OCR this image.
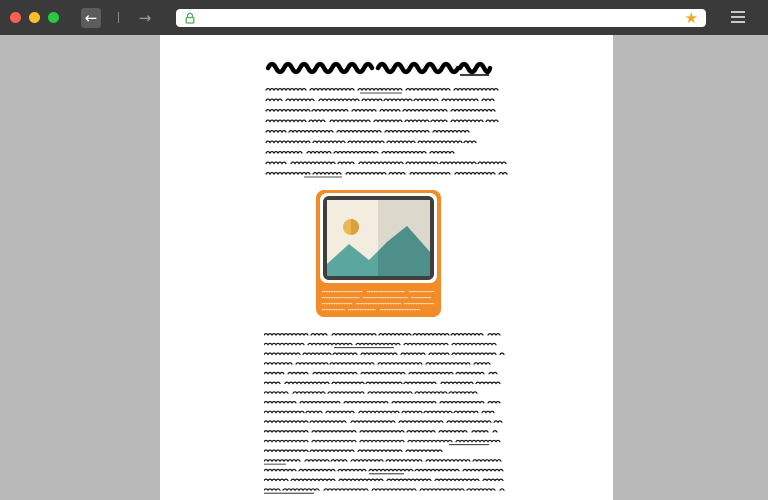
←	→	★
